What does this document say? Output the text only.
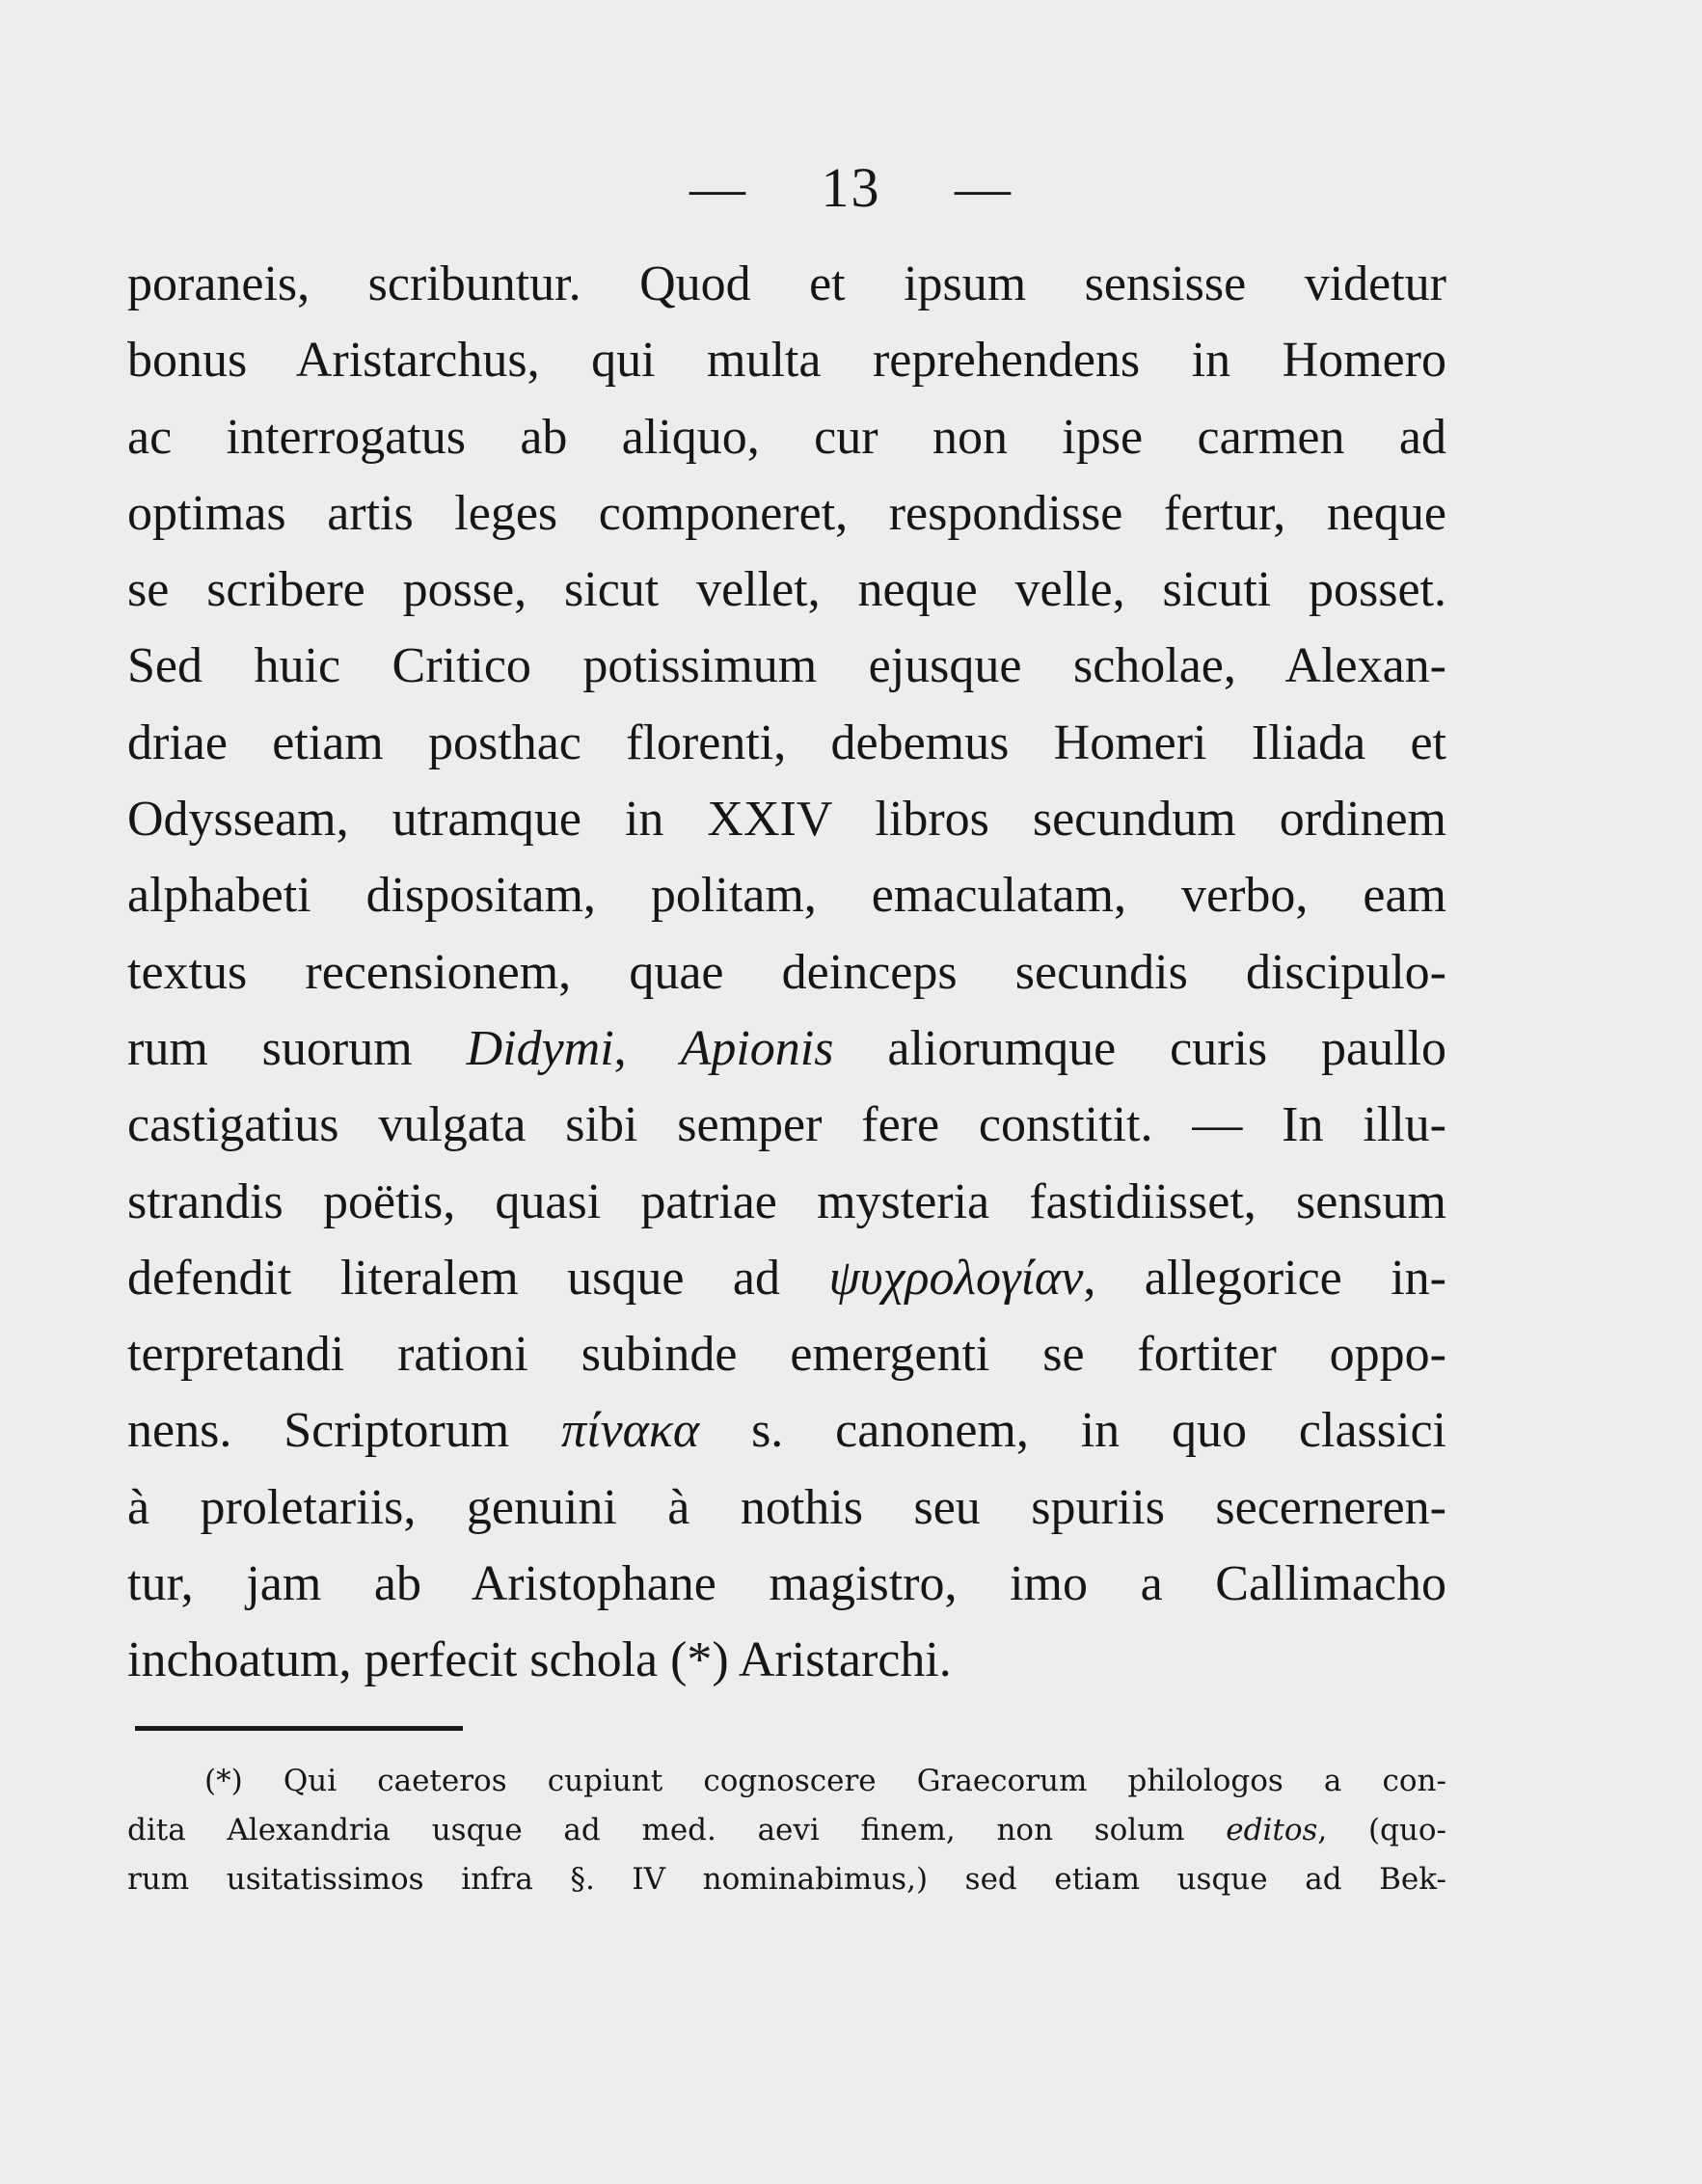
— 13 —
poraneis, scribuntur. Quod et ipsum sensisse videtur
bonus Aristarchus, qui multa reprehendens in Homero
ac interrogatus ab aliquo, cur non ipse carmen ad
optimas artis leges componeret, respondisse fertur, neque
se scribere posse, sicut vellet, neque velle, sicuti posset.
Sed huic Critico potissimum ejusque scholae, Alexan-
driae etiam posthac florenti, debemus Homeri Iliada et
Odysseam, utramque in XXIV libros secundum ordinem
alphabeti dispositam, politam, emaculatam, verbo, eam
textus recensionem, quae deinceps secundis discipulo-
rum suorum Didymi, Apionis aliorumque curis paullo
castigatius vulgata sibi semper fere constitit. — In illu-
strandis poëtis, quasi patriae mysteria fastidiisset, sensum
defendit literalem usque ad ψυχρολογίαν, allegorice in-
terpretandi rationi subinde emergenti se fortiter oppo-
nens. Scriptorum πίνακα s. canonem, in quo classici
à proletariis, genuini à nothis seu spuriis secerneren-
tur, jam ab Aristophane magistro, imo a Callimacho
inchoatum, perfecit schola (*) Aristarchi.
(*) Qui caeteros cupiunt cognoscere Graecorum philologos a con-
dita Alexandria usque ad med. aevi finem, non solum editos, (quo-
rum usitatissimos infra §. IV nominabimus,) sed etiam usque ad Bek-
